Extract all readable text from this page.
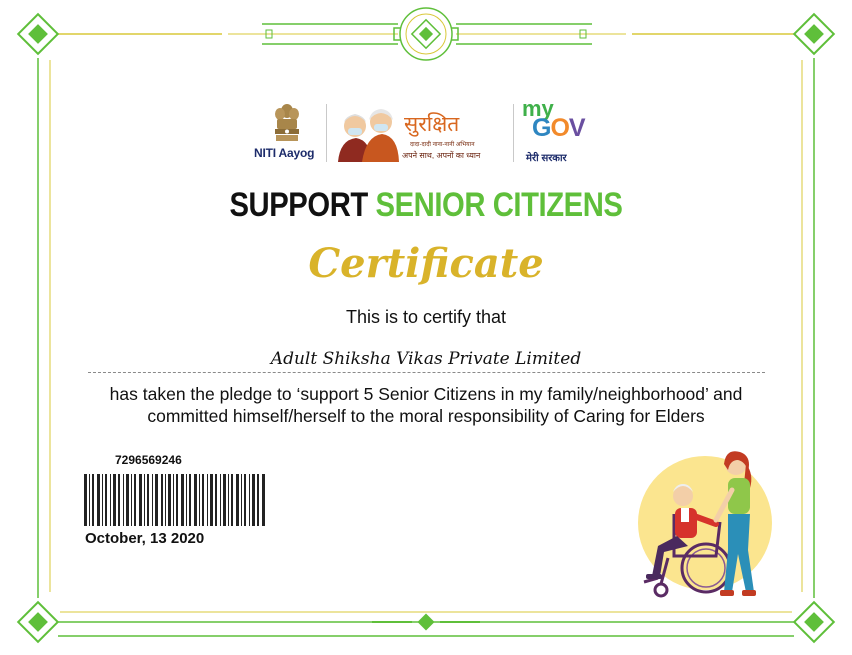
NITI Aayog
सुरक्षित
दादा-दादी नाना-नानी अभियान
अपने साथ, अपनों का ध्यान
my
GOV
मेरी सरकार
SUPPORT SENIOR CITIZENS
Certificate
This is to certify that
Adult Shiksha Vikas Private Limited
has taken the pledge to ‘support 5 Senior Citizens in my family/neighborhood’ and
committed himself/herself to the moral responsibility of Caring for Elders
7296569246
October, 13 2020
